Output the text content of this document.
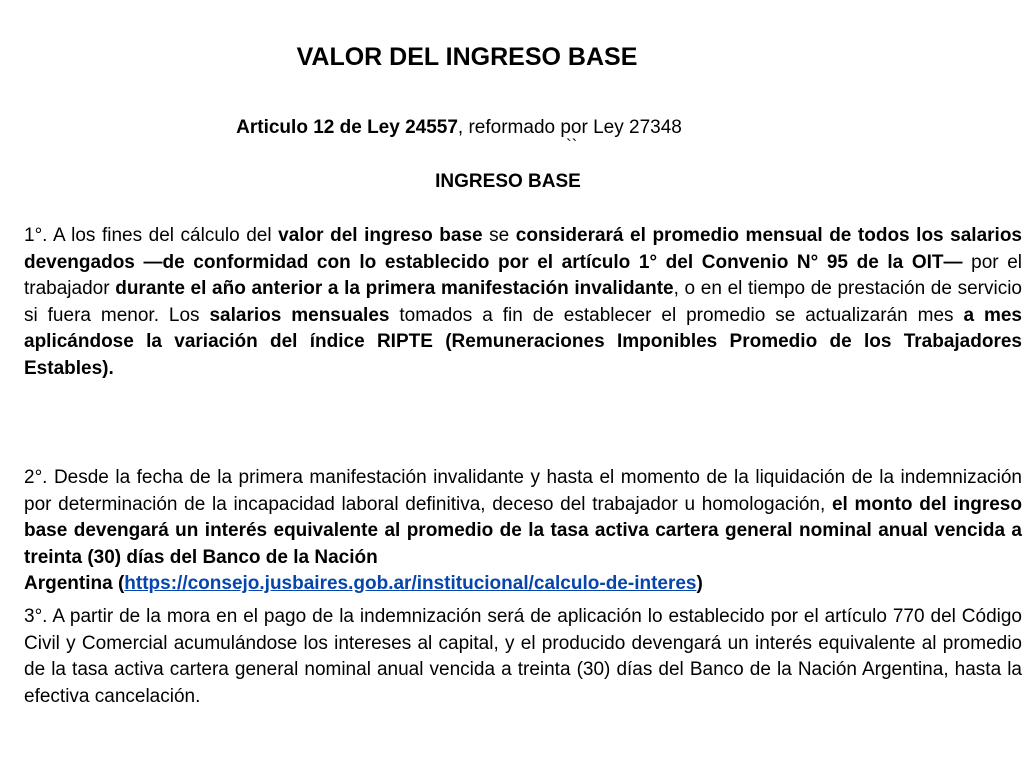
VALOR DEL INGRESO BASE

Articulo 12 de Ley 24557, reformado por Ley 27348

``
INGRESO BASE

1°. A los fines del cálculo del valor del ingreso base se considerará el promedio mensual de todos los salarios devengados —de conformidad con lo establecido por el artículo 1° del Convenio N° 95 de la OIT— por el trabajador durante el año anterior a la primera manifestación invalidante, o en el tiempo de prestación de servicio si fuera menor. Los salarios mensuales tomados a fin de establecer el promedio se actualizarán mes a mes aplicándose la variación del índice RIPTE (Remuneraciones Imponibles Promedio de los Trabajadores Estables).

2°. Desde la fecha de la primera manifestación invalidante y hasta el momento de la liquidación de la indemnización por determinación de la incapacidad laboral definitiva, deceso del trabajador u homologación, el monto del ingreso base devengará un interés equivalente al promedio de la tasa activa cartera general nominal anual vencida a treinta (30) días del Banco de la Nación
Argentina (https://consejo.jusbaires.gob.ar/institucional/calculo-de-interes)

3°. A partir de la mora en el pago de la indemnización será de aplicación lo establecido por el artículo 770 del Código Civil y Comercial acumulándose los intereses al capital, y el producido devengará un interés equivalente al promedio de la tasa activa cartera general nominal anual vencida a treinta (30) días del Banco de la Nación Argentina, hasta la efectiva cancelación.
